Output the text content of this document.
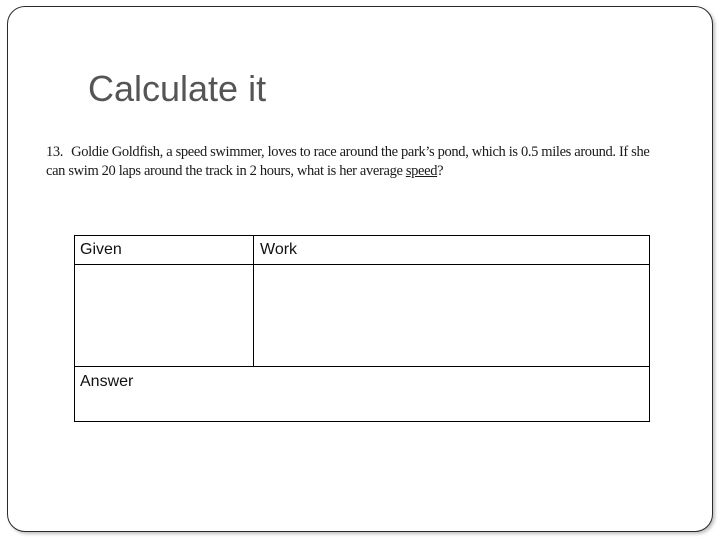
Calculate it
13. Goldie Goldfish, a speed swimmer, loves to race around the park’s pond, which is 0.5 miles around. If she
can swim 20 laps around the track in 2 hours, what is her average speed?
Given	Work
Answer
